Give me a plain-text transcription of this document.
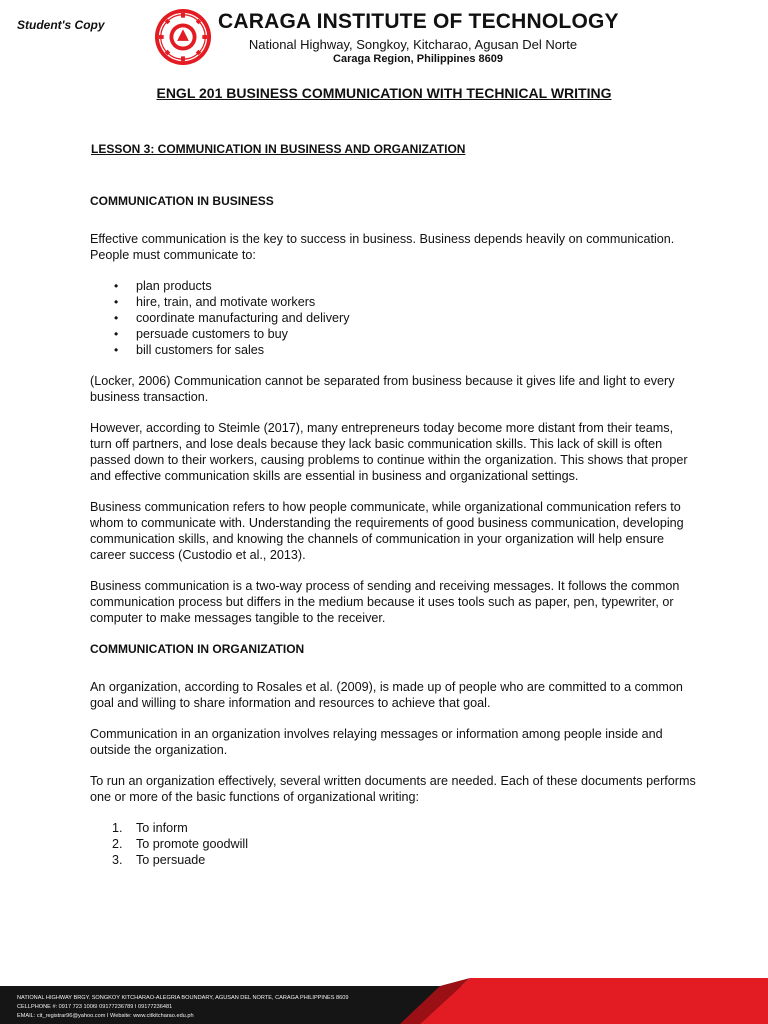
Student's Copy	CARAGA INSTITUTE OF TECHNOLOGY
National Highway, Songkoy, Kitcharao, Agusan Del Norte
Caraga Region, Philippines 8609
ENGL 201 BUSINESS COMMUNICATION WITH TECHNICAL WRITING
LESSON 3: COMMUNICATION IN BUSINESS AND ORGANIZATION
COMMUNICATION IN BUSINESS

Effective communication is the key to success in business. Business depends heavily on communication. People must communicate to:

• plan products
• hire, train, and motivate workers
• coordinate manufacturing and delivery
• persuade customers to buy
• bill customers for sales

(Locker, 2006) Communication cannot be separated from business because it gives life and light to every business transaction.

However, according to Steimle (2017), many entrepreneurs today become more distant from their teams, turn off partners, and lose deals because they lack basic communication skills. This lack of skill is often passed down to their workers, causing problems to continue within the organization. This shows that proper and effective communication skills are essential in business and organizational settings.

Business communication refers to how people communicate, while organizational communication refers to whom to communicate with. Understanding the requirements of good business communication, developing communication skills, and knowing the channels of communication in your organization will help ensure career success (Custodio et al., 2013).

Business communication is a two-way process of sending and receiving messages. It follows the common communication process but differs in the medium because it uses tools such as paper, pen, typewriter, or computer to make messages tangible to the receiver.

COMMUNICATION IN ORGANIZATION

An organization, according to Rosales et al. (2009), is made up of people who are committed to a common goal and willing to share information and resources to achieve that goal.

Communication in an organization involves relaying messages or information among people inside and outside the organization.

To run an organization effectively, several written documents are needed. Each of these documents performs one or more of the basic functions of organizational writing:

1. To inform
2. To promote goodwill
3. To persuade
NATIONAL HIGHWAY BRGY. SONGKOY KITCHARAO-ALEGRIA BOUNDARY, AGUSAN DEL NORTE, CARAGA PHILIPPINES 8609
CELLPHONE #: 0917 723 1006I 09177236789 I 09177236481
EMAIL: cit_registrar96@yahoo.com I Website: www.citkitcharao.edu.ph
